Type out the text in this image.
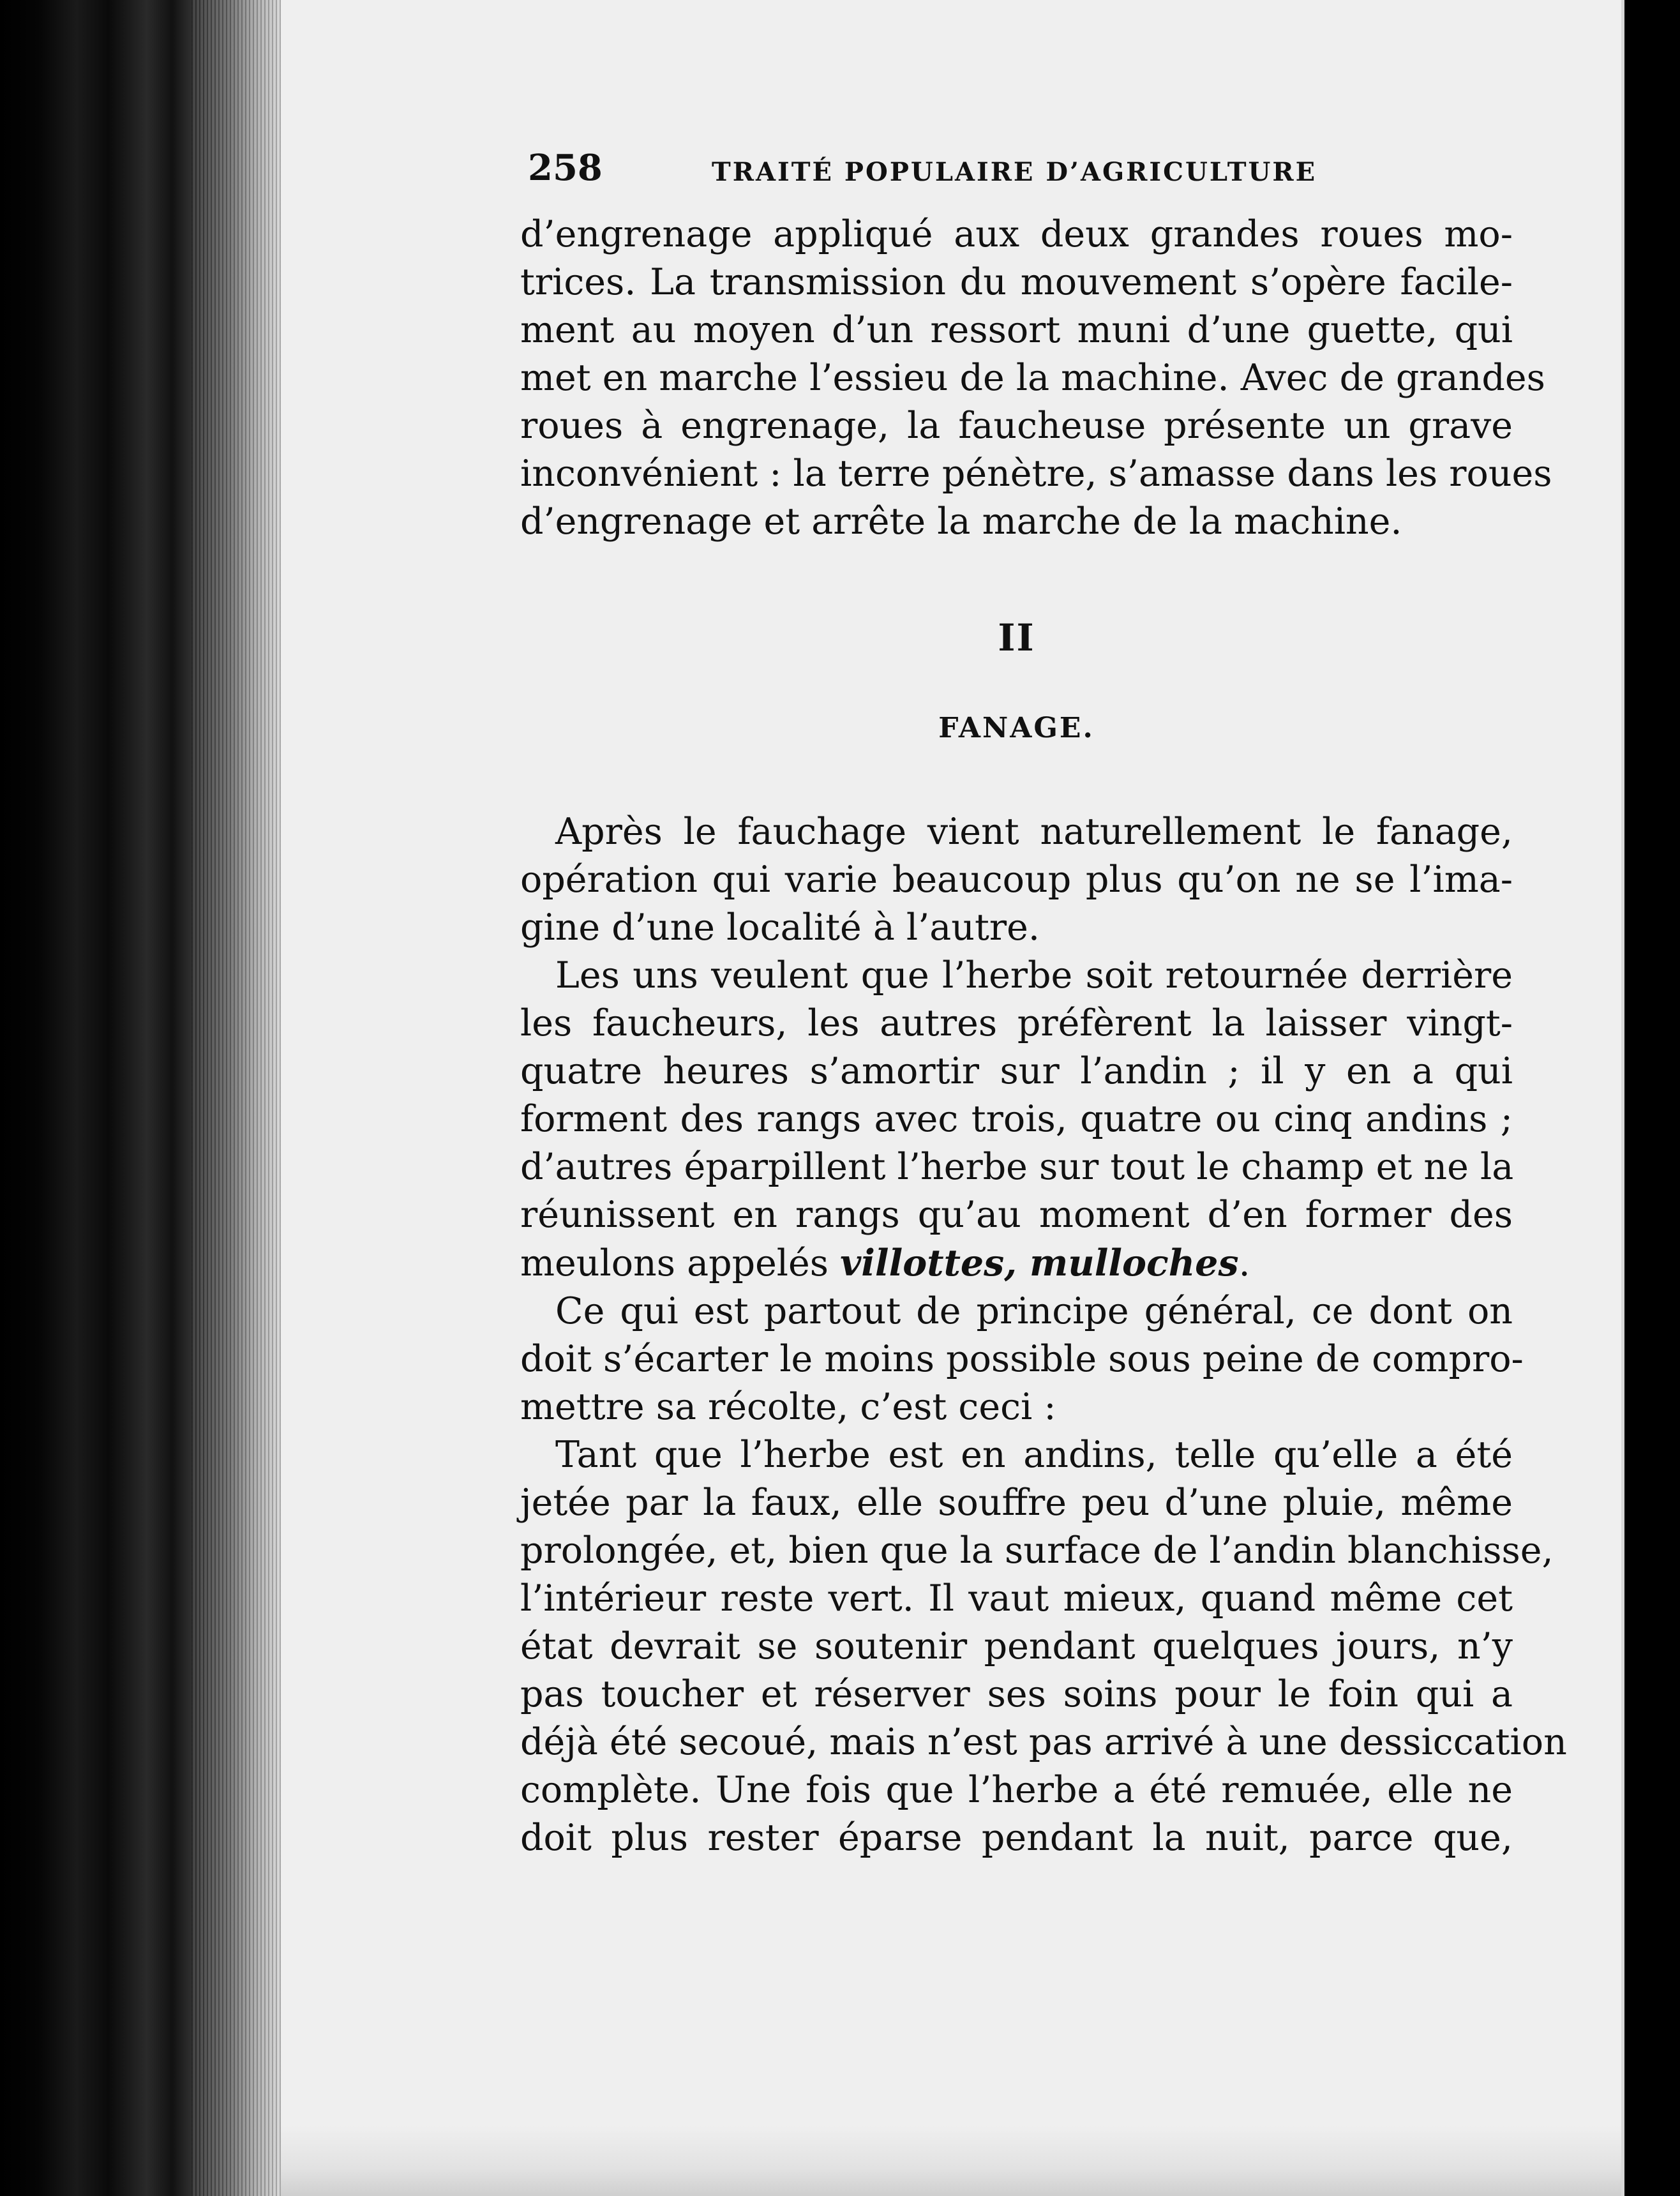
258	TRAITÉ POPULAIRE D’AGRICULTURE
d’engrenage appliqué aux deux grandes roues mo-
trices. La transmission du mouvement s’opère facile-
ment au moyen d’un ressort muni d’une guette, qui
met en marche l’essieu de la machine. Avec de grandes
roues à engrenage, la faucheuse présente un grave
inconvénient : la terre pénètre, s’amasse dans les roues
d’engrenage et arrête la marche de la machine.
II
FANAGE.
Après le fauchage vient naturellement le fanage,
opération qui varie beaucoup plus qu’on ne se l’ima-
gine d’une localité à l’autre.
Les uns veulent que l’herbe soit retournée derrière
les faucheurs, les autres préfèrent la laisser vingt-
quatre heures s’amortir sur l’andin ; il y en a qui
forment des rangs avec trois, quatre ou cinq andins ;
d’autres éparpillent l’herbe sur tout le champ et ne la
réunissent en rangs qu’au moment d’en former des
meulons appelés villottes, mulloches.
Ce qui est partout de principe général, ce dont on
doit s’écarter le moins possible sous peine de compro-
mettre sa récolte, c’est ceci :
Tant que l’herbe est en andins, telle qu’elle a été
jetée par la faux, elle souffre peu d’une pluie, même
prolongée, et, bien que la surface de l’andin blanchisse,
l’intérieur reste vert. Il vaut mieux, quand même cet
état devrait se soutenir pendant quelques jours, n’y
pas toucher et réserver ses soins pour le foin qui a
déjà été secoué, mais n’est pas arrivé à une dessiccation
complète. Une fois que l’herbe a été remuée, elle ne
doit plus rester éparse pendant la nuit, parce que,
